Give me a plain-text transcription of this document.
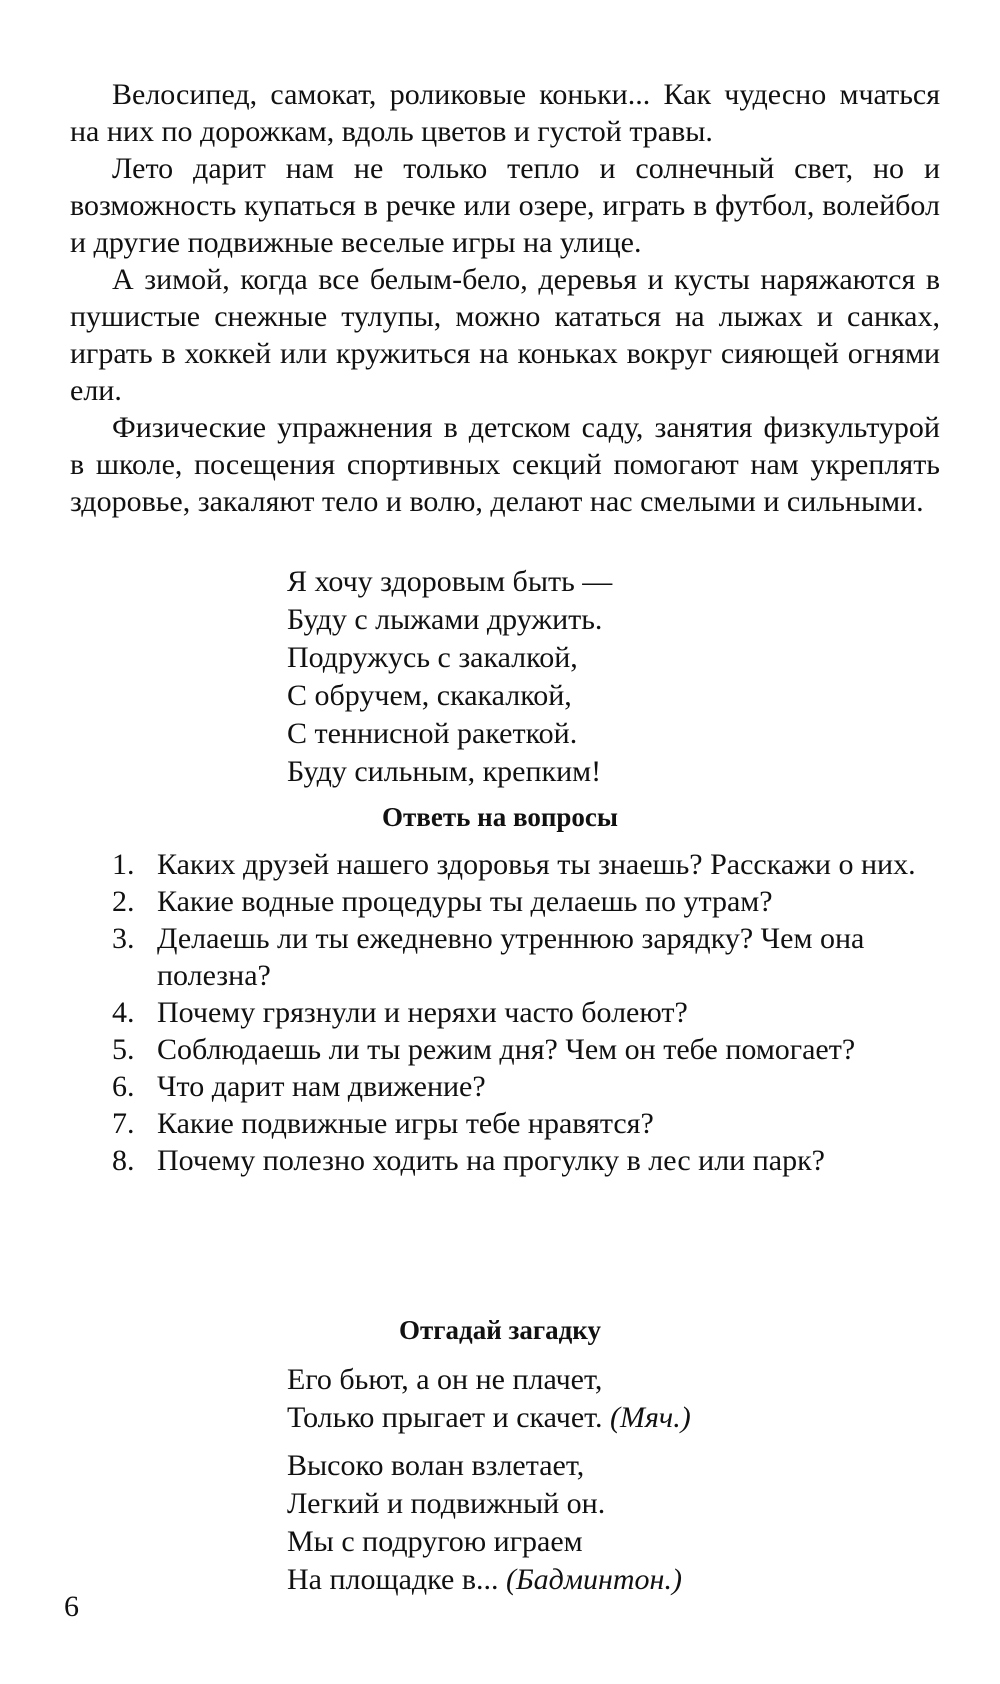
Велосипед, самокат, роликовые коньки... Как чудесно мчаться на них по дорожкам, вдоль цветов и густой травы.

Лето дарит нам не только тепло и солнечный свет, но и возможность купаться в речке или озере, играть в футбол, волейбол и другие подвижные веселые игры на улице.

А зимой, когда все белым-бело, деревья и кусты наряжаются в пушистые снежные тулупы, можно кататься на лыжах и санках, играть в хоккей или кружиться на коньках вокруг сияющей огнями ели.

Физические упражнения в детском саду, занятия физкультурой в школе, посещения спортивных секций помогают нам укреплять здоровье, закаляют тело и волю, делают нас смелыми и сильными.

Я хочу здоровым быть —
Буду с лыжами дружить.
Подружусь с закалкой,
С обручем, скакалкой,
С теннисной ракеткой.
Буду сильным, крепким!
Ответь на вопросы
1. Каких друзей нашего здоровья ты знаешь? Расскажи о них.
2. Какие водные процедуры ты делаешь по утрам?
3. Делаешь ли ты ежедневно утреннюю зарядку? Чем она полезна?
4. Почему грязнули и неряхи часто болеют?
5. Соблюдаешь ли ты режим дня? Чем он тебе помогает?
6. Что дарит нам движение?
7. Какие подвижные игры тебе нравятся?
8. Почему полезно ходить на прогулку в лес или парк?
Отгадай загадку
Его бьют, а он не плачет,
Только прыгает и скачет. (Мяч.)
Высоко волан взлетает,
Легкий и подвижный он.
Мы с подругою играем
На площадке в... (Бадминтон.)
6
